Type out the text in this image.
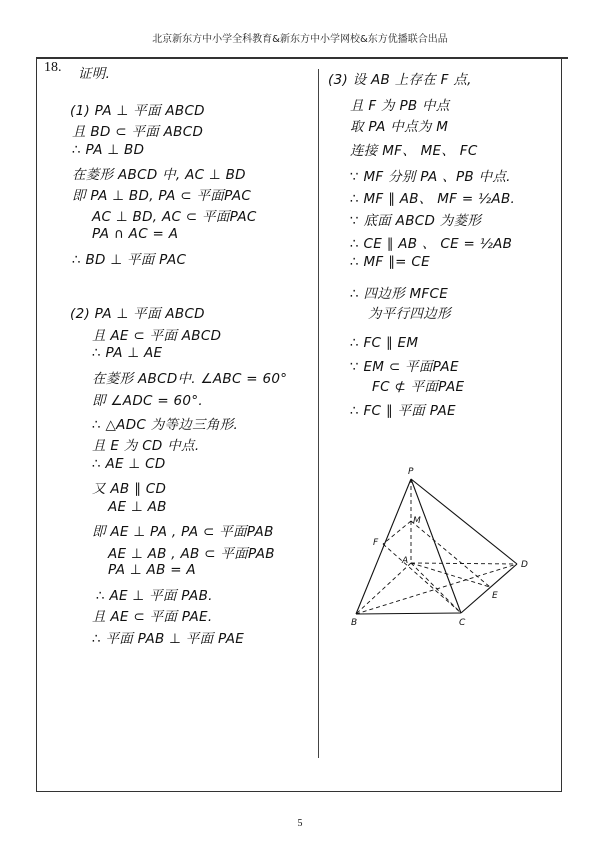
北京新东方中小学全科教育&新东方中小学网校&东方优播联合出品
18. 证明.
(1) PA ⊥ 平面 ABCD
且 BD ⊂ 平面 ABCD
∴ PA ⊥ BD
在菱形 ABCD 中, AC ⊥ BD
即 PA ⊥ BD, PA ⊂ 平面PAC
AC ⊥ BD, AC ⊂ 平面PAC
PA ∩ AC = A
∴ BD ⊥ 平面 PAC
(2) PA ⊥ 平面 ABCD
且 AE ⊂ 平面 ABCD
∴ PA ⊥ AE
在菱形 ABCD中. ∠ABC = 60°
即 ∠ADC = 60°.
∴ △ADC 为等边三角形.
且 E 为 CD 中点.
∴ AE ⊥ CD
又 AB ∥ CD
AE ⊥ AB
即 AE ⊥ PA , PA ⊂ 平面PAB
AE ⊥ AB , AB ⊂ 平面PAB
PA ⊥ AB = A
∴ AE ⊥ 平面 PAB.
且 AE ⊂ 平面 PAE.
∴ 平面 PAB ⊥ 平面 PAE
(3) 设 AB 上存在 F 点,
且 F 为 PB 中点
取 PA 中点为 M
连接 MF、 ME、 FC
∵ MF 分别 PA 、PB 中点.
∴ MF ∥ AB、 MF = ½AB.
∵ 底面 ABCD 为菱形
∴ CE ∥ AB 、 CE = ½AB
∴ MF ∥= CE
∴ 四边形 MFCE
为平行四边形
∴ FC ∥ EM
∵ EM ⊂ 平面PAE
FC ⊄ 平面PAE
∴ FC ∥ 平面 PAE
P
M
F
A	D
E
B	C
5
